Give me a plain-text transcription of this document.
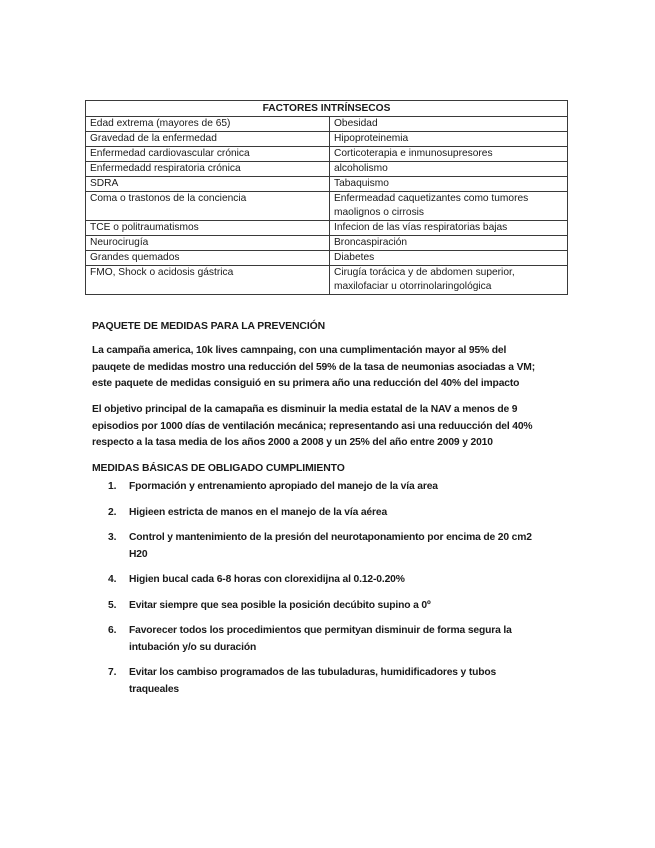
FACTORES INTRÍNSECOS	
Edad extrema (mayores de 65)	Obesidad
Gravedad de la enfermedad	Hipoproteinemia
Enfermedad cardiovascular crónica	Corticoterapia e inmunosupresores
Enfermedadd respiratoria crónica	alcoholismo
SDRA	Tabaquismo
Coma o trastonos de la conciencia	Enfermeadad caquetizantes como tumores
maolignos o cirrosis
TCE o politraumatismos	Infecion de las vías respiratorias bajas
Neurocirugía	Broncaspiración
Grandes quemados	Diabetes
FMO, Shock o acidosis gástrica	Cirugía torácica y de abdomen superior,
maxilofaciar u otorrinolaringológica
PAQUETE DE MEDIDAS PARA LA PREVENCIÓN
La campaña america, 10k lives camnpaing, con una cumplimentación mayor al 95% del
pauqete de medidas mostro una reducción del 59% de la tasa de neumonias asociadas a VM;
este paquete de medidas consiguió en su primera año una reducción del 40% del impacto
El objetivo principal de la camapaña es disminuir la media estatal de la NAV a menos de 9
episodios por 1000 días de ventilación mecánica; representando asi una reduucción del 40%
respecto a la tasa media de los años 2000 a 2008 y un 25% del año entre 2009 y 2010
MEDIDAS BÁSICAS DE OBLIGADO CUMPLIMIENTO
1. Fpormación y entrenamiento apropiado del manejo de la vía area
2. Higieen estricta de manos en el manejo de la vía aérea
3. Control y mantenimiento de la presión del neurotaponamiento por encima de 20 cm2
H20
4. Higien bucal cada 6-8 horas con clorexidijna al 0.12-0.20%
5. Evitar siempre que sea posible la posición decúbito supino a 0º
6. Favorecer todos los procedimientos que permityan disminuir de forma segura la
intubación y/o su duración
7. Evitar los cambiso programados de las tubuladuras, humidificadores y tubos
traqueales
